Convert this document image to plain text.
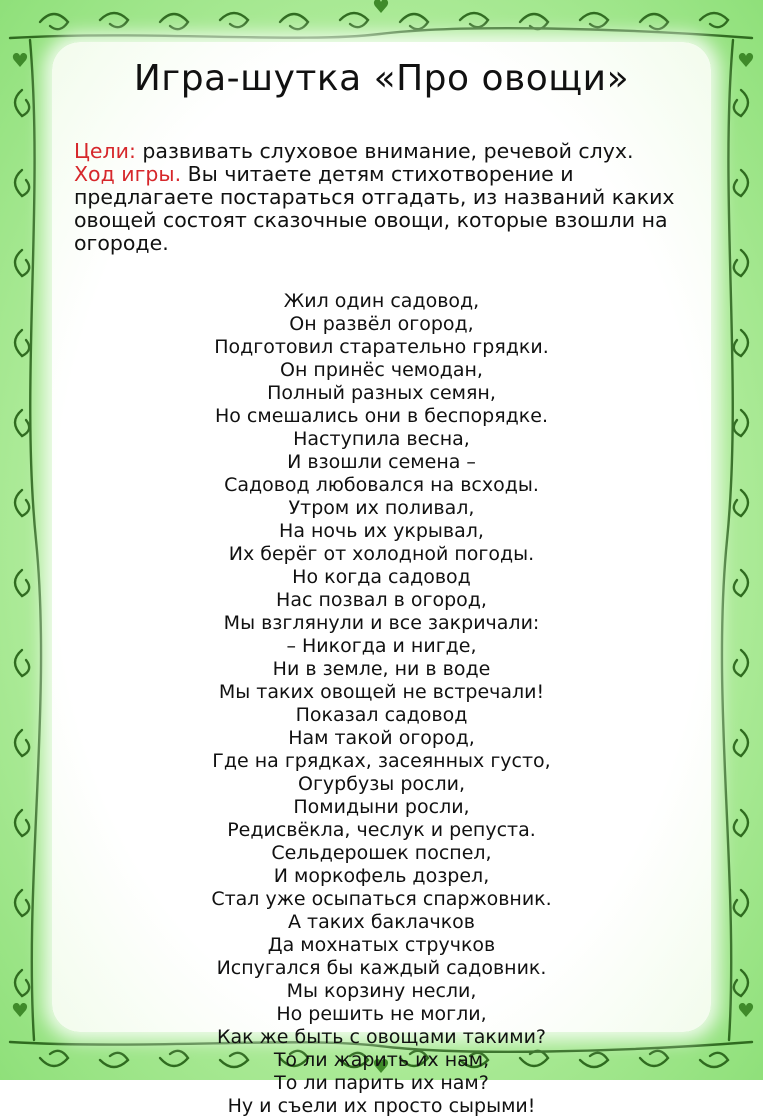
Игра-шутка «Про овощи»
Цели: развивать слуховое внимание, речевой слух.
Ход игры. Вы читаете детям стихотворение и предлагаете постараться отгадать, из названий каких овощей состоят сказочные овощи, которые взошли на огороде.
Жил один садовод,
Он развёл огород,
Подготовил старательно грядки.
Он принёс чемодан,
Полный разных семян,
Но смешались они в беспорядке.
Наступила весна,
И взошли семена –
Садовод любовался на всходы.
Утром их поливал,
На ночь их укрывал,
Их берёг от холодной погоды.
Но когда садовод
Нас позвал в огород,
Мы взглянули и все закричали:
– Никогда и нигде,
Ни в земле, ни в воде
Мы таких овощей не встречали!
Показал садовод
Нам такой огород,
Где на грядках, засеянных густо,
Огурбузы росли,
Помидыни росли,
Редисвёкла, чеслук и репуста.
Сельдерошек поспел,
И моркофель дозрел,
Стал уже осыпаться спаржовник.
А таких баклачков
Да мохнатых стручков
Испугался бы каждый садовник.
Мы корзину несли,
Но решить не могли,
Как же быть с овощами такими?
То ли жарить их нам,
То ли парить их нам?
Ну и съели их просто сырыми!
